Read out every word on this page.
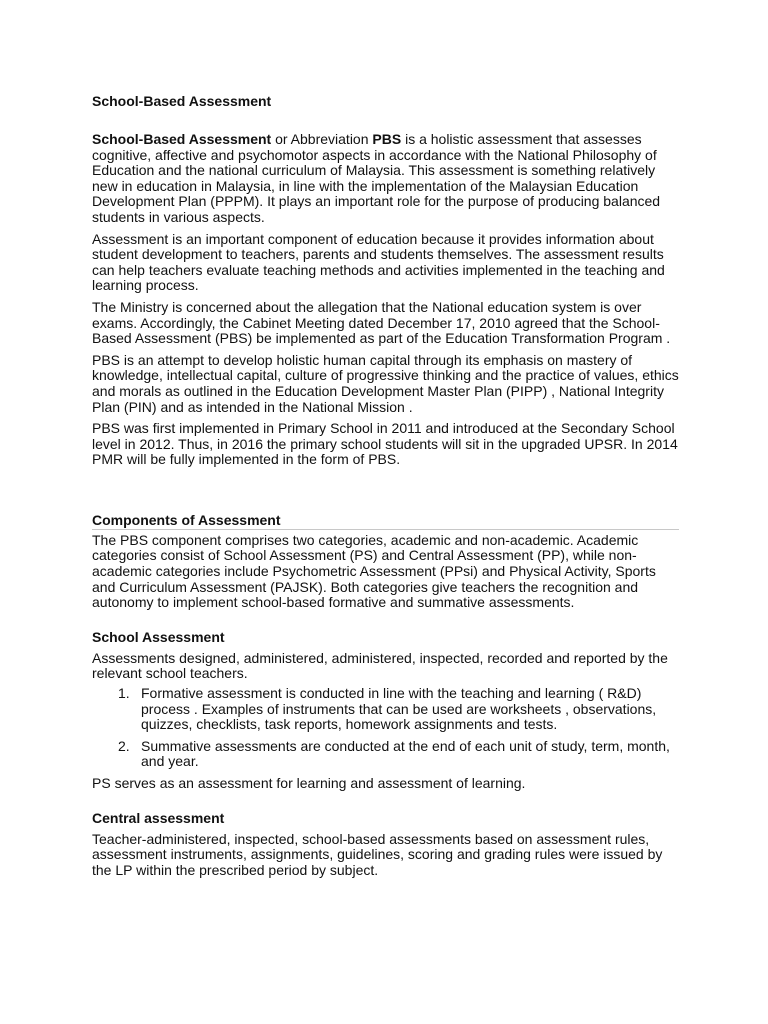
School-Based Assessment

School-Based Assessment or Abbreviation PBS is a holistic assessment that assesses cognitive, affective and psychomotor aspects in accordance with the National Philosophy of Education and the national curriculum of Malaysia. This assessment is something relatively new in education in Malaysia, in line with the implementation of the Malaysian Education Development Plan (PPPM). It plays an important role for the purpose of producing balanced students in various aspects.

Assessment is an important component of education because it provides information about student development to teachers, parents and students themselves. The assessment results can help teachers evaluate teaching methods and activities implemented in the teaching and learning process.

The Ministry is concerned about the allegation that the National education system is over exams. Accordingly, the Cabinet Meeting dated December 17, 2010 agreed that the School-Based Assessment (PBS) be implemented as part of the Education Transformation Program .

PBS is an attempt to develop holistic human capital through its emphasis on mastery of knowledge, intellectual capital, culture of progressive thinking and the practice of values, ethics and morals as outlined in the Education Development Master Plan (PIPP) , National Integrity Plan (PIN) and as intended in the National Mission .

PBS was first implemented in Primary School in 2011 and introduced at the Secondary School level in 2012. Thus, in 2016 the primary school students will sit in the upgraded UPSR. In 2014 PMR will be fully implemented in the form of PBS.

Components of Assessment

The PBS component comprises two categories, academic and non-academic. Academic categories consist of School Assessment (PS) and Central Assessment (PP), while non-academic categories include Psychometric Assessment (PPsi) and Physical Activity, Sports and Curriculum Assessment (PAJSK). Both categories give teachers the recognition and autonomy to implement school-based formative and summative assessments.

School Assessment

Assessments designed, administered, administered, inspected, recorded and reported by the relevant school teachers.

1. Formative assessment is conducted in line with the teaching and learning ( R&D) process . Examples of instruments that can be used are worksheets , observations, quizzes, checklists, task reports, homework assignments and tests.
2. Summative assessments are conducted at the end of each unit of study, term, month, and year.

PS serves as an assessment for learning and assessment of learning.

Central assessment

Teacher-administered, inspected, school-based assessments based on assessment rules, assessment instruments, assignments, guidelines, scoring and grading rules were issued by the LP within the prescribed period by subject.
